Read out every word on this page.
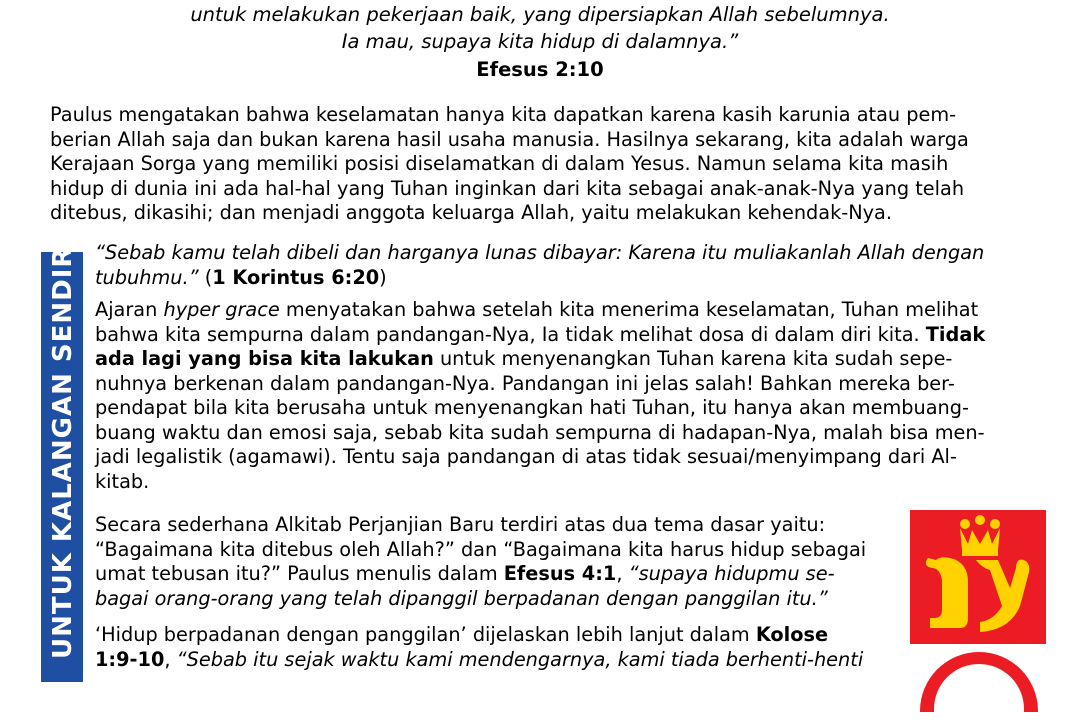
untuk melakukan pekerjaan baik, yang dipersiapkan Allah sebelumnya.
Ia mau, supaya kita hidup di dalamnya.”
Efesus 2:10
Paulus mengatakan bahwa keselamatan hanya kita dapatkan karena kasih karunia atau pem-
berian Allah saja dan bukan karena hasil usaha manusia. Hasilnya sekarang, kita adalah warga
Kerajaan Sorga yang memiliki posisi diselamatkan di dalam Yesus. Namun selama kita masih
hidup di dunia ini ada hal-hal yang Tuhan inginkan dari kita sebagai anak-anak-Nya yang telah
ditebus, dikasihi; dan menjadi anggota keluarga Allah, yaitu melakukan kehendak-Nya.
UNTUK KALANGAN SENDIRI “Sebab kamu telah dibeli dan harganya lunas dibayar: Karena itu muliakanlah Allah dengan
tubuhmu.” (1 Korintus 6:20)
Ajaran hyper grace menyatakan bahwa setelah kita menerima keselamatan, Tuhan melihat
bahwa kita sempurna dalam pandangan-Nya, Ia tidak melihat dosa di dalam diri kita. Tidak
ada lagi yang bisa kita lakukan untuk menyenangkan Tuhan karena kita sudah sepe-
nuhnya berkenan dalam pandangan-Nya. Pandangan ini jelas salah! Bahkan mereka ber-
pendapat bila kita berusaha untuk menyenangkan hati Tuhan, itu hanya akan membuang-
buang waktu dan emosi saja, sebab kita sudah sempurna di hadapan-Nya, malah bisa men-
jadi legalistik (agamawi). Tentu saja pandangan di atas tidak sesuai/menyimpang dari Al-
kitab.
Secara sederhana Alkitab Perjanjian Baru terdiri atas dua tema dasar yaitu:
“Bagaimana kita ditebus oleh Allah?” dan “Bagaimana kita harus hidup sebagai
umat tebusan itu?” Paulus menulis dalam Efesus 4:1, “supaya hidupmu se-
bagai orang-orang yang telah dipanggil berpadanan dengan panggilan itu.”
‘Hidup berpadanan dengan panggilan’ dijelaskan lebih lanjut dalam Kolose
1:9-10, “Sebab itu sejak waktu kami mendengarnya, kami tiada berhenti-henti
